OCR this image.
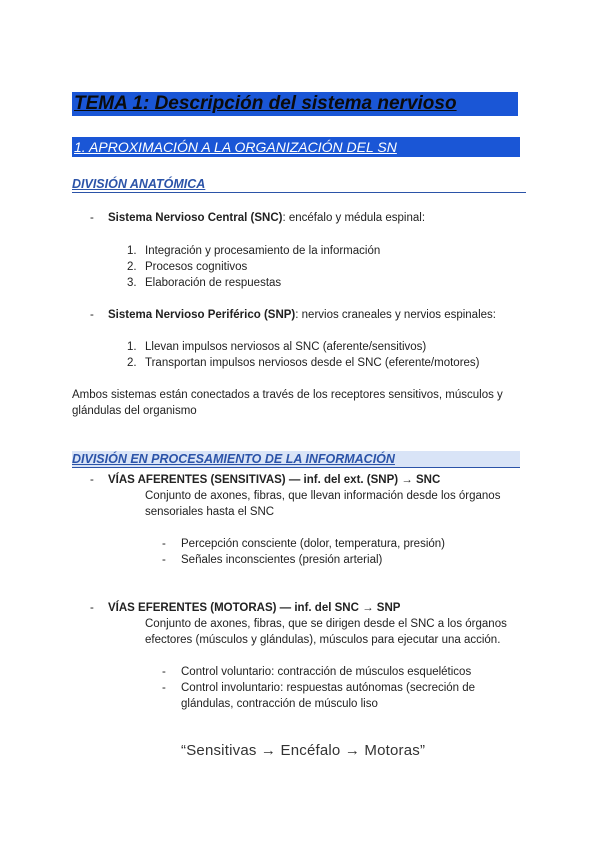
TEMA 1: Descripción del sistema nervioso
1. APROXIMACIÓN A LA ORGANIZACIÓN DEL SN
DIVISIÓN ANATÓMICA
- Sistema Nervioso Central (SNC): encéfalo y médula espinal:
1. Integración y procesamiento de la información
2. Procesos cognitivos
3. Elaboración de respuestas
- Sistema Nervioso Periférico (SNP): nervios craneales y nervios espinales:
1. Llevan impulsos nerviosos al SNC (aferente/sensitivos)
2. Transportan impulsos nerviosos desde el SNC (eferente/motores)
Ambos sistemas están conectados a través de los receptores sensitivos, músculos y
glándulas del organismo
DIVISIÓN EN PROCESAMIENTO DE LA INFORMACIÓN
- VÍAS AFERENTES (SENSITIVAS) — inf. del ext. (SNP) → SNC
Conjunto de axones, fibras, que llevan información desde los órganos
sensoriales hasta el SNC
- Percepción consciente (dolor, temperatura, presión)
- Señales inconscientes (presión arterial)
- VÍAS EFERENTES (MOTORAS) — inf. del SNC → SNP
Conjunto de axones, fibras, que se dirigen desde el SNC a los órganos
efectores (músculos y glándulas), músculos para ejecutar una acción.
- Control voluntario: contracción de músculos esqueléticos
- Control involuntario: respuestas autónomas (secreción de
glándulas, contracción de músculo liso
“Sensitivas → Encéfalo → Motoras”
